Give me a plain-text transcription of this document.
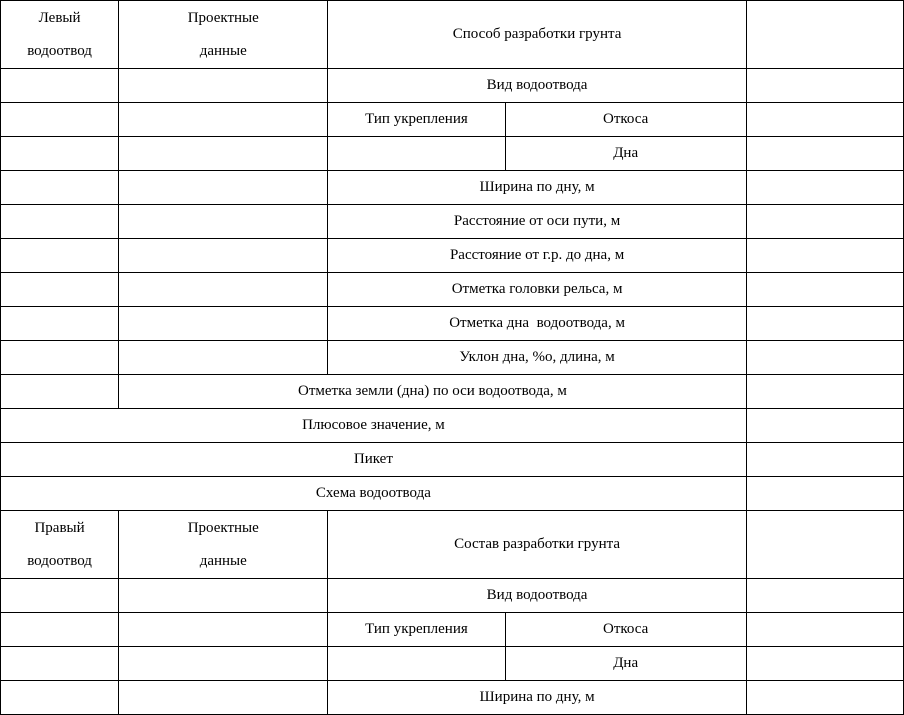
Левый
водоотвод	Проектные
данные	Способ разработки грунта		
		Вид водоотвода		
		Тип укрепления	Откоса	
			Дна	
		Ширина по дну, м		
		Расстояние от оси пути, м		
		Расстояние от г.р. до дна, м		
		Отметка головки рельса, м		
		Отметка дна  водоотвода, м		
		Уклон дна, %о, длина, м		
	Отметка земли (дна) по оси водоотвода, м			
Плюсовое значение, м				
Пикет				
Схема водоотвода				

Правый
водоотвод	Проектные
данные	Состав разработки грунта		
		Вид водоотвода		
		Тип укрепления	Откоса	
			Дна	
		Ширина по дну, м		
